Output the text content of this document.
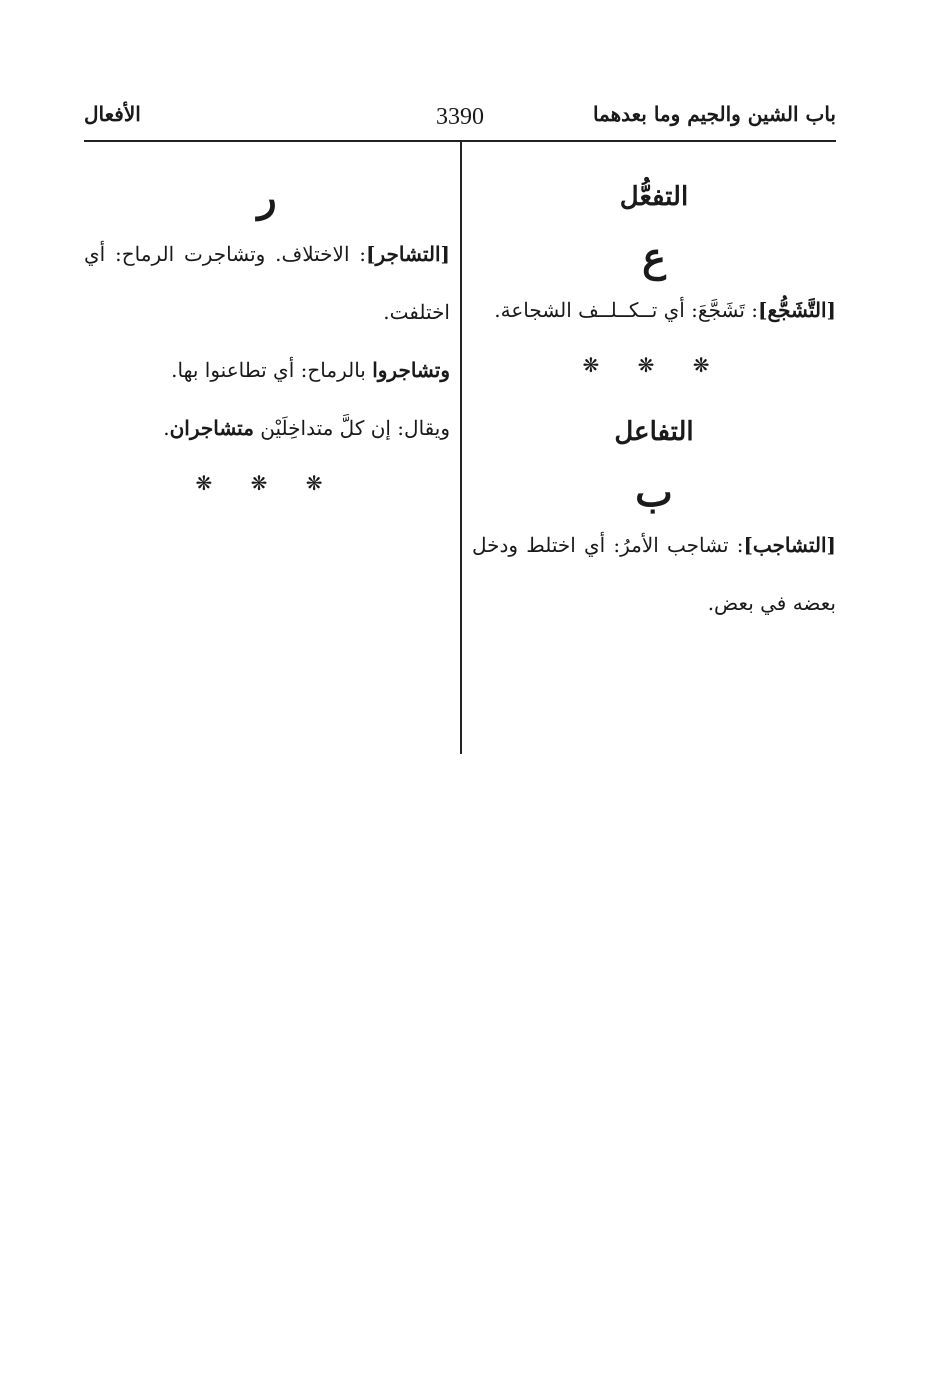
الأفعال	3390	باب الشين والجيم وما بعدهما
التفعُّل
ع
[التَّشَجُّع]: تَشَجَّعَ: أي تــكــلــف الشجاعة.
❋ ❋ ❋
التفاعل
ب
[التشاجب]: تشاجب الأمرُ: أي اختلط ودخل بعضه في بعض.
ر
[التشاجر]: الاختلاف. وتشاجرت الرماح: أي اختلفت.
وتشاجروا بالرماح: أي تطاعنوا بها.
ويقال: إن كلَّ متداخِلَيْن متشاجران.
❋ ❋ ❋
